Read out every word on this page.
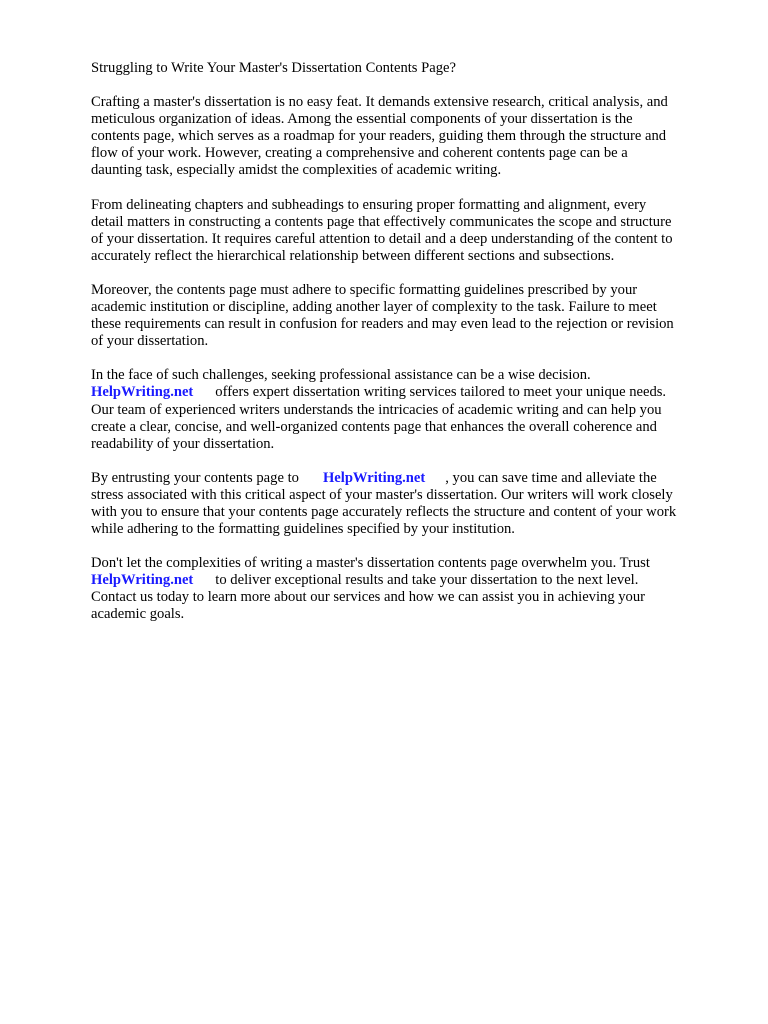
Struggling to Write Your Master's Dissertation Contents Page?
Crafting a master's dissertation is no easy feat. It demands extensive research, critical analysis, and
meticulous organization of ideas. Among the essential components of your dissertation is the
contents page, which serves as a roadmap for your readers, guiding them through the structure and
flow of your work. However, creating a comprehensive and coherent contents page can be a
daunting task, especially amidst the complexities of academic writing.
From delineating chapters and subheadings to ensuring proper formatting and alignment, every
detail matters in constructing a contents page that effectively communicates the scope and structure
of your dissertation. It requires careful attention to detail and a deep understanding of the content to
accurately reflect the hierarchical relationship between different sections and subsections.
Moreover, the contents page must adhere to specific formatting guidelines prescribed by your
academic institution or discipline, adding another layer of complexity to the task. Failure to meet
these requirements can result in confusion for readers and may even lead to the rejection or revision
of your dissertation.
In the face of such challenges, seeking professional assistance can be a wise decision.
HelpWriting.net offers expert dissertation writing services tailored to meet your unique needs.
Our team of experienced writers understands the intricacies of academic writing and can help you
create a clear, concise, and well-organized contents page that enhances the overall coherence and
readability of your dissertation.
By entrusting your contents page to HelpWriting.net , you can save time and alleviate the
stress associated with this critical aspect of your master's dissertation. Our writers will work closely
with you to ensure that your contents page accurately reflects the structure and content of your work
while adhering to the formatting guidelines specified by your institution.
Don't let the complexities of writing a master's dissertation contents page overwhelm you. Trust
HelpWriting.net to deliver exceptional results and take your dissertation to the next level.
Contact us today to learn more about our services and how we can assist you in achieving your
academic goals.
